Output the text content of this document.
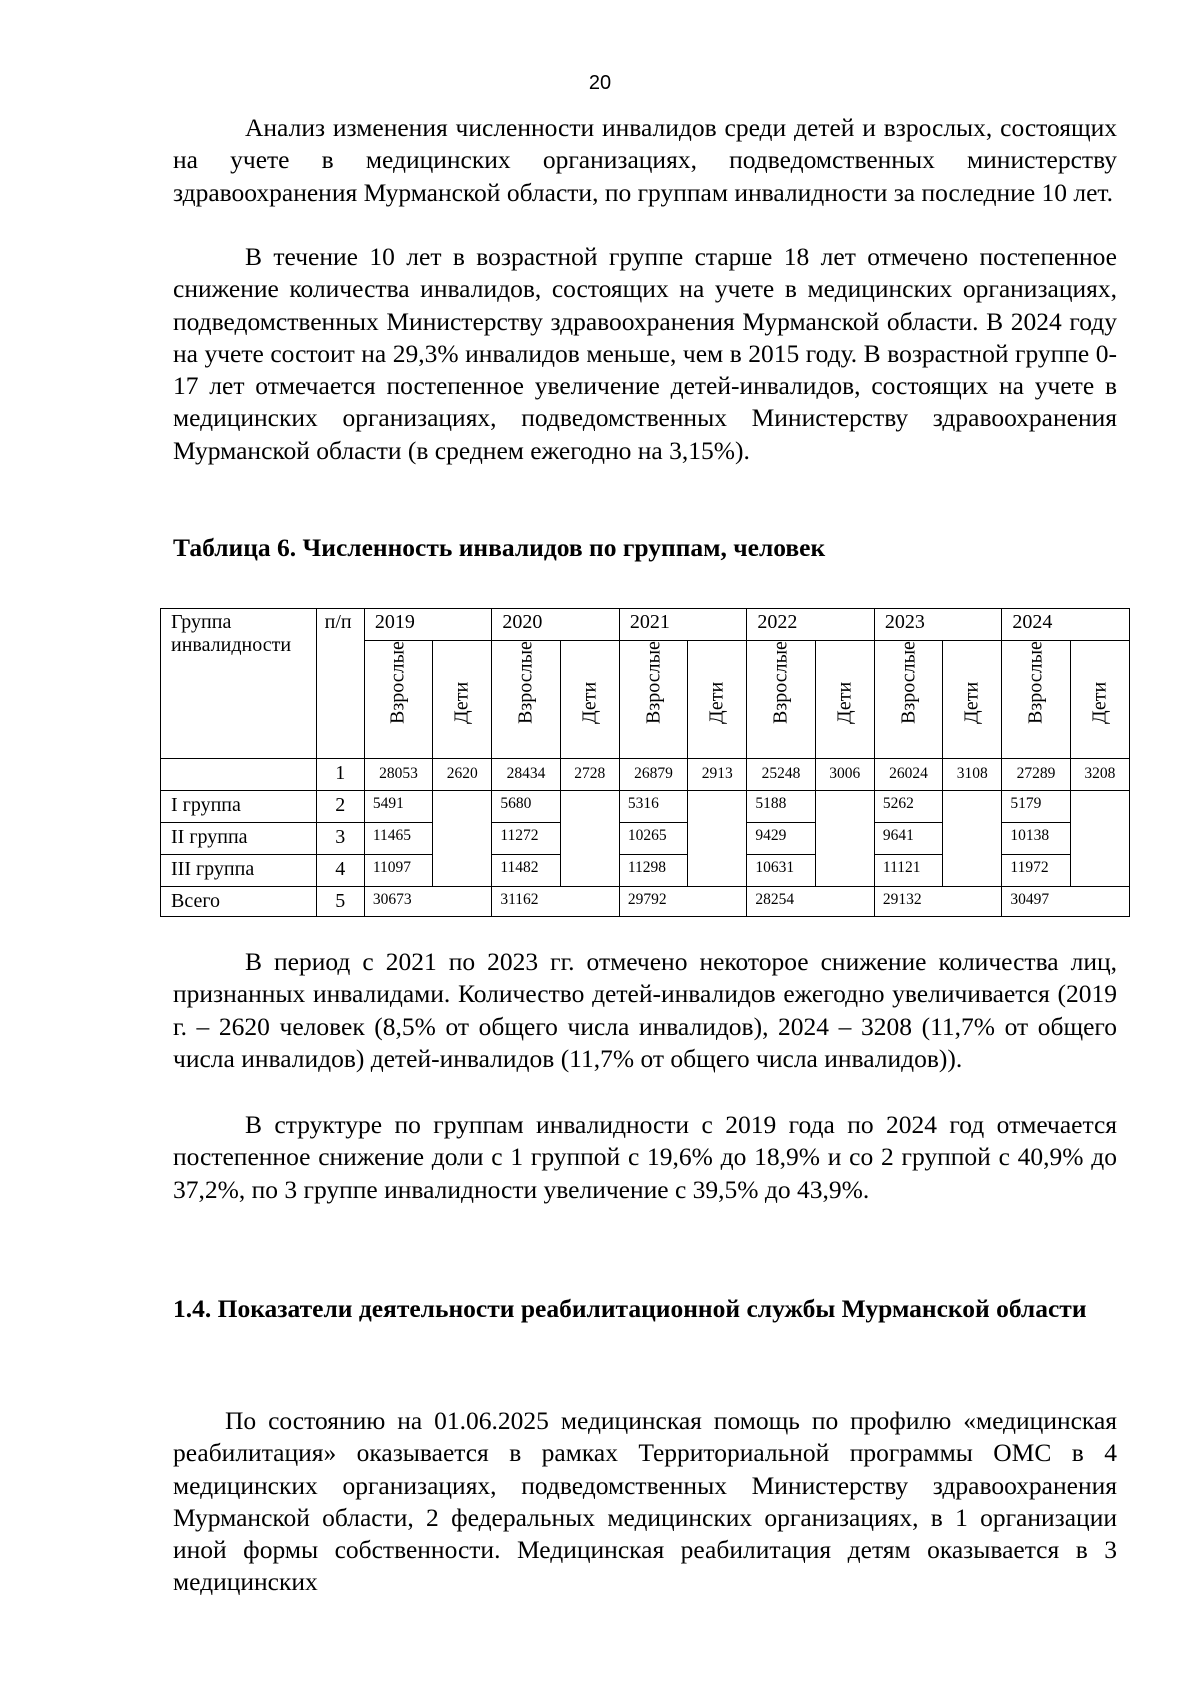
20

Анализ изменения численности инвалидов среди детей и взрослых, состоящих на учете в медицинских организациях, подведомственных министерству здравоохранения Мурманской области, по группам инвалидности за последние 10 лет.

В течение 10 лет в возрастной группе старше 18 лет отмечено постепенное снижение количества инвалидов, состоящих на учете в медицинских организациях, подведомственных Министерству здравоохранения Мурманской области. В 2024 году на учете состоит на 29,3% инвалидов меньше, чем в 2015 году. В возрастной группе 0-17 лет отмечается постепенное увеличение детей-инвалидов, состоящих на учете в медицинских организациях, подведомственных Министерству здравоохранения Мурманской области (в среднем ежегодно на 3,15%).

Таблица 6. Численность инвалидов по группам, человек
Группа инвалидности	п/п	2019		2020		2021		2022		2023		2024	

		Взрослые	Дети	Взрослые	Дети	Взрослые	Дети	Взрослые	Дети	Взрослые	Дети	Взрослые	Дети

	1	28053	2620	28434	2728	26879	2913	25248	3006	26024	3108	27289	3208
I группа	2	5491		5680		5316		5188		5262		5179	
II группа	3	11465		11272		10265		9429		9641		10138	
III группа	4	11097		11482		11298		10631		11121		11972	
Всего	5	30673		31162		29792		28254		29132		30497	

В период с 2021 по 2023 гг. отмечено некоторое снижение количества лиц, признанных инвалидами. Количество детей-инвалидов ежегодно увеличивается (2019 г. – 2620 человек (8,5% от общего числа инвалидов), 2024 – 3208 (11,7% от общего числа инвалидов) детей-инвалидов (11,7% от общего числа инвалидов)).

В структуре по группам инвалидности с 2019 года по 2024 год отмечается постепенное снижение доли с 1 группой с 19,6% до 18,9% и со 2 группой с 40,9% до 37,2%, по 3 группе инвалидности увеличение с 39,5% до 43,9%.

1.4. Показатели деятельности реабилитационной службы Мурманской области

По состоянию на 01.06.2025 медицинская помощь по профилю «медицинская реабилитация» оказывается в рамках Территориальной программы ОМС в 4 медицинских организациях, подведомственных Министерству здравоохранения Мурманской области, 2 федеральных медицинских организациях, в 1 организации иной формы собственности. Медицинская реабилитация детям оказывается в 3 медицинских
